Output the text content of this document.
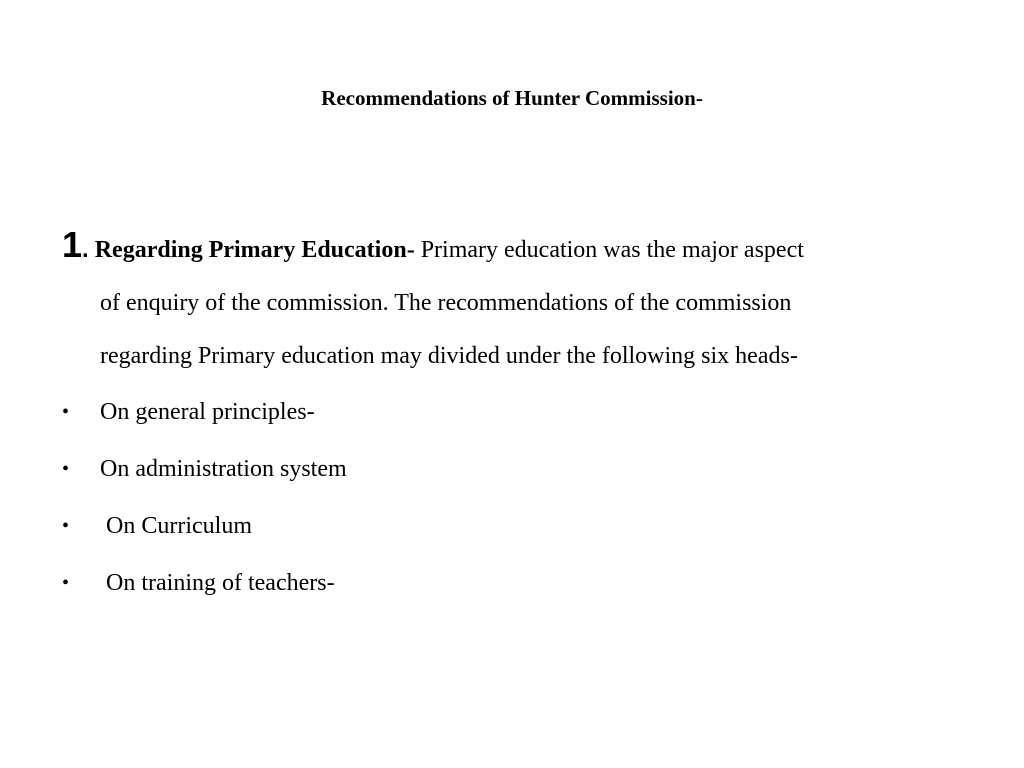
Recommendations of Hunter Commission-
1. Regarding Primary Education- Primary education was the major aspect
of enquiry of the commission. The recommendations of the commission
regarding Primary education may divided under the following six heads-
• On general principles-
• On administration system
• On Curriculum
• On training of teachers-
